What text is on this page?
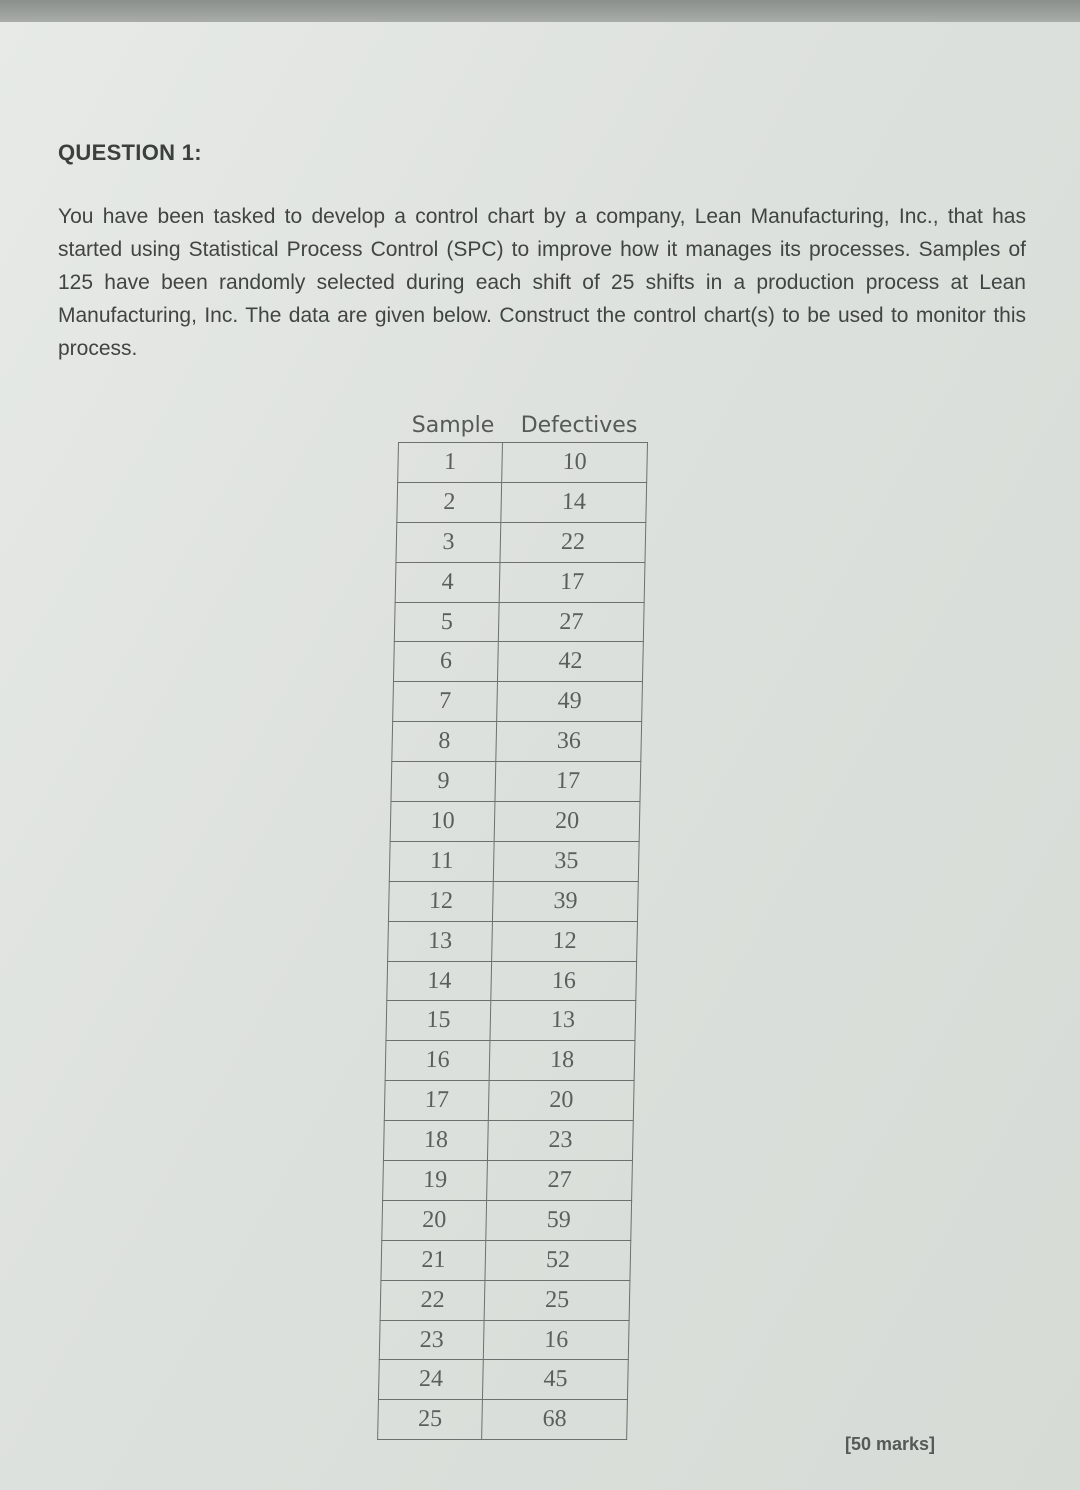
QUESTION 1:
You have been tasked to develop a control chart by a company, Lean Manufacturing, Inc., that has started using Statistical Process Control (SPC) to improve how it manages its processes. Samples of 125 have been randomly selected during each shift of 25 shifts in a production process at Lean Manufacturing, Inc. The data are given below. Construct the control chart(s) to be used to monitor this process.
Sample	Defectives
1	10
2	14
3	22
4	17
5	27
6	42
7	49
8	36
9	17
10	20
11	35
12	39
13	12
14	16
15	13
16	18
17	20
18	23
19	27
20	59
21	52
22	25
23	16
24	45
25	68
[50 marks]
